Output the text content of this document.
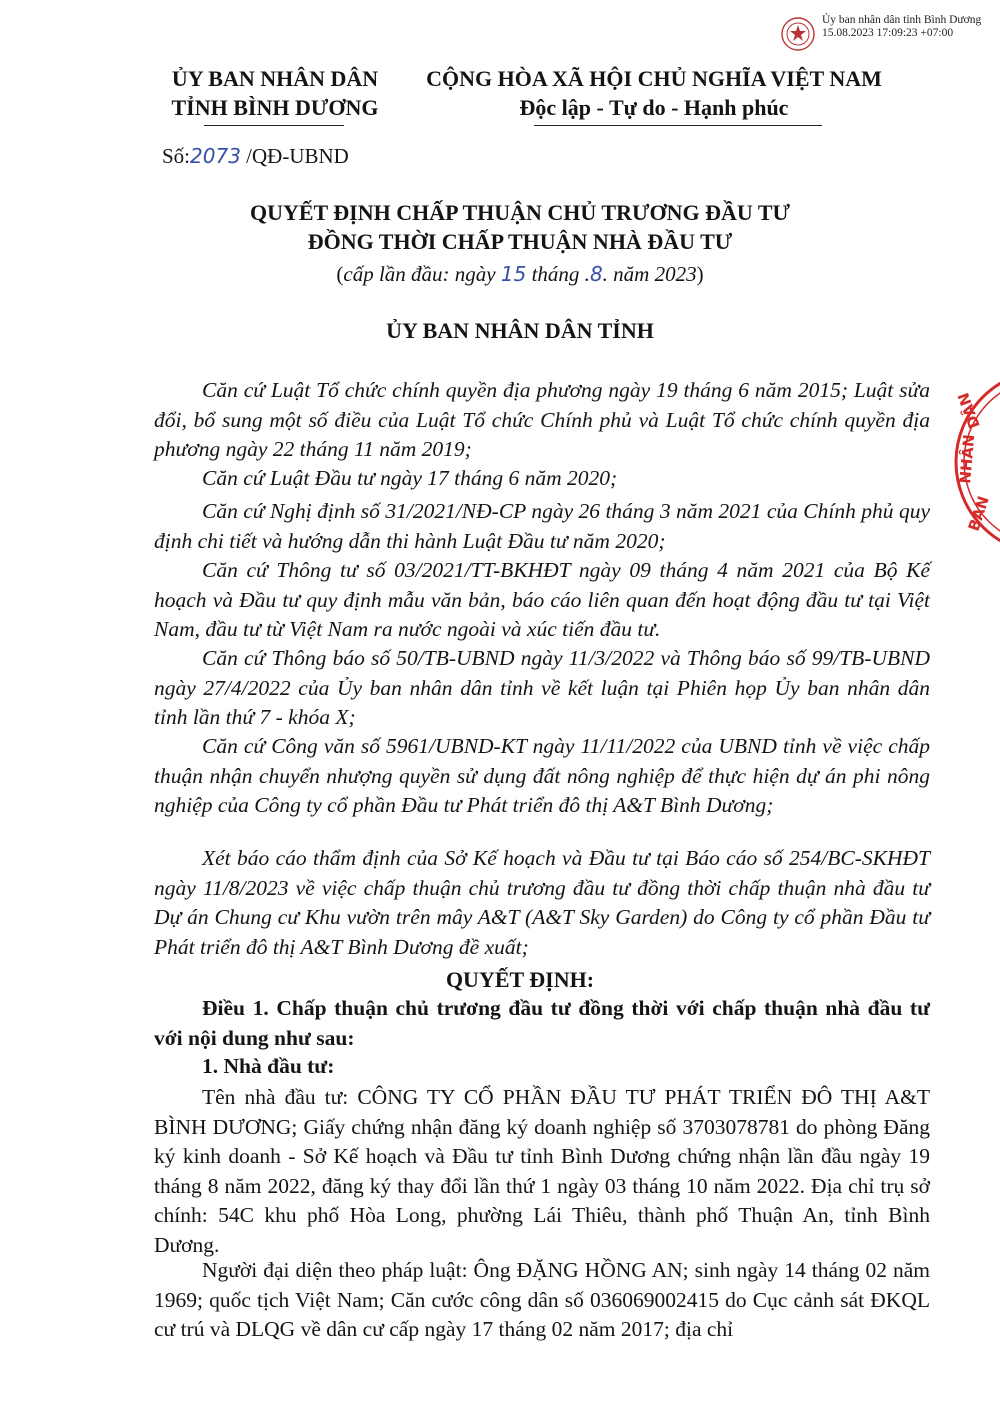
Ủy ban nhân dân tỉnh Bình Dương
15.08.2023 17:09:23 +07:00
BAN
NHÂN
DÂN
ỦY BAN NHÂN DÂN
TỈNH BÌNH DƯƠNG
CỘNG HÒA XÃ HỘI CHỦ NGHĨA VIỆT NAM
Độc lập - Tự do - Hạnh phúc
Số:2073 /QĐ-UBND
QUYẾT ĐỊNH CHẤP THUẬN CHỦ TRƯƠNG ĐẦU TƯ
ĐỒNG THỜI CHẤP THUẬN NHÀ ĐẦU TƯ
(cấp lần đầu: ngày 15 tháng .8. năm 2023)
ỦY BAN NHÂN DÂN TỈNH
Căn cứ Luật Tổ chức chính quyền địa phương ngày 19 tháng 6 năm 2015; Luật sửa đổi, bổ sung một số điều của Luật Tổ chức Chính phủ và Luật Tổ chức chính quyền địa phương ngày 22 tháng 11 năm 2019;
Căn cứ Luật Đầu tư ngày 17 tháng 6 năm 2020;
Căn cứ Nghị định số 31/2021/NĐ-CP ngày 26 tháng 3 năm 2021 của Chính phủ quy định chi tiết và hướng dẫn thi hành Luật Đầu tư năm 2020;
Căn cứ Thông tư số 03/2021/TT-BKHĐT ngày 09 tháng 4 năm 2021 của Bộ Kế hoạch và Đầu tư quy định mẫu văn bản, báo cáo liên quan đến hoạt động đầu tư tại Việt Nam, đầu tư từ Việt Nam ra nước ngoài và xúc tiến đầu tư.
Căn cứ Thông báo số 50/TB-UBND ngày 11/3/2022 và Thông báo số 99/TB-UBND ngày 27/4/2022 của Ủy ban nhân dân tỉnh về kết luận tại Phiên họp Ủy ban nhân dân tỉnh lần thứ 7 - khóa X;
Căn cứ Công văn số 5961/UBND-KT ngày 11/11/2022 của UBND tỉnh về việc chấp thuận nhận chuyển nhượng quyền sử dụng đất nông nghiệp để thực hiện dự án phi nông nghiệp của Công ty cổ phần Đầu tư Phát triển đô thị A&T Bình Dương;
Xét báo cáo thẩm định của Sở Kế hoạch và Đầu tư tại Báo cáo số 254/BC-SKHĐT ngày 11/8/2023 về việc chấp thuận chủ trương đầu tư đồng thời chấp thuận nhà đầu tư Dự án Chung cư Khu vườn trên mây A&T (A&T Sky Garden) do Công ty cổ phần Đầu tư Phát triển đô thị A&T Bình Dương đề xuất;
QUYẾT ĐỊNH:
Điều 1. Chấp thuận chủ trương đầu tư đồng thời với chấp thuận nhà đầu tư với nội dung như sau:
1. Nhà đầu tư:
Tên nhà đầu tư: CÔNG TY CỔ PHẦN ĐẦU TƯ PHÁT TRIỂN ĐÔ THỊ A&T BÌNH DƯƠNG; Giấy chứng nhận đăng ký doanh nghiệp số 3703078781 do phòng Đăng ký kinh doanh - Sở Kế hoạch và Đầu tư tỉnh Bình Dương chứng nhận lần đầu ngày 19 tháng 8 năm 2022, đăng ký thay đổi lần thứ 1 ngày 03 tháng 10 năm 2022. Địa chỉ trụ sở chính: 54C khu phố Hòa Long, phường Lái Thiêu, thành phố Thuận An, tỉnh Bình Dương.
Người đại diện theo pháp luật: Ông ĐẶNG HỒNG AN; sinh ngày 14 tháng 02 năm 1969; quốc tịch Việt Nam; Căn cước công dân số 036069002415 do Cục cảnh sát ĐKQL cư trú và DLQG về dân cư cấp ngày 17 tháng 02 năm 2017; địa chỉ
